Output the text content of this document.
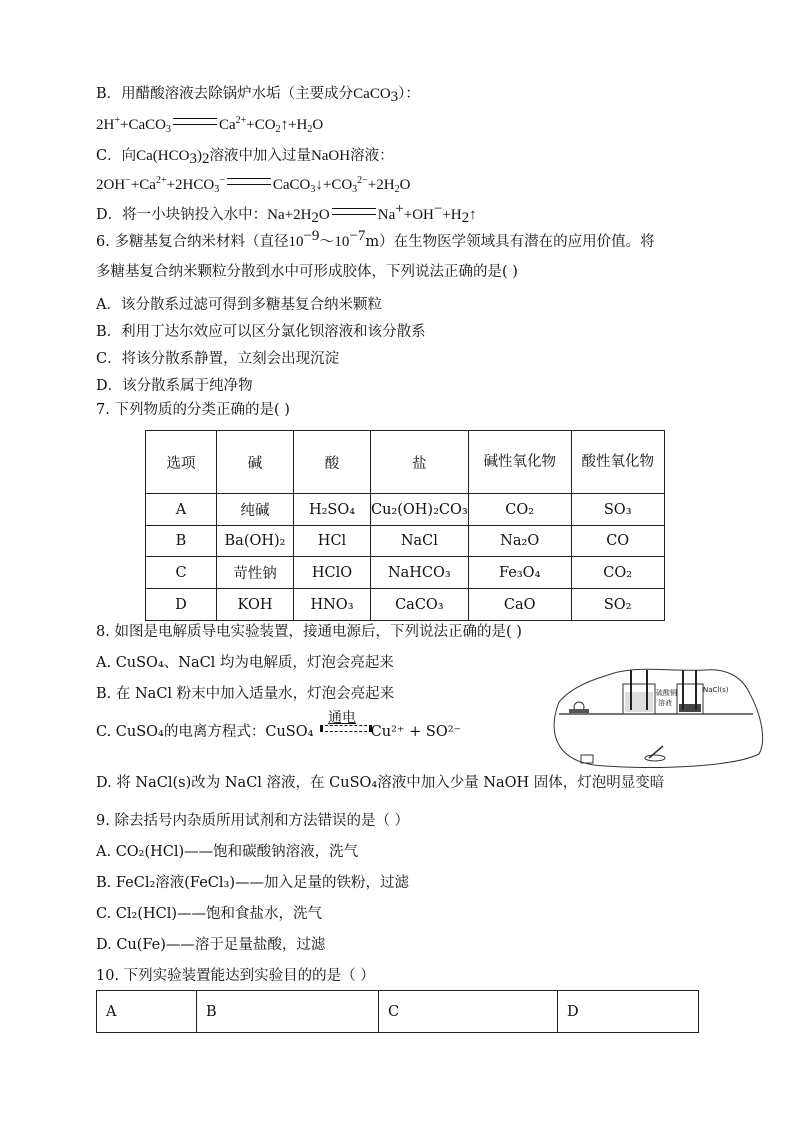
B．用醋酸溶液去除锅炉水垢（主要成分CaCO$_3$）：
2H++CaCO$_3$	$Ca^{2+}+CO_2↑+H_2O$
C．向$Ca(HCO_3)_2$溶液中加入过量NaOH溶液：
$2OH^-+Ca^{2+}+2HCO_3^-$	$CaCO_3↓+CO_3^{2-}+2H_2O$
D．将一小块钠投入水中：$Na+2H_2O$	$Na^++OH^-+H_2↑$
6. 多糖基复合纳米材料（直径$10^{-9}\sim 10^{-7}m$）在生物医学领域具有潜在的应用价值。将
多糖基复合纳米颗粒分散到水中可形成胶体，下列说法正确的是( )
A．该分散系过滤可得到多糖基复合纳米颗粒
B．利用丁达尔效应可以区分氯化钡溶液和该分散系
C．将该分散系静置，立刻会出现沉淀
D．该分散系属于纯净物
7. 下列物质的分类正确的是( )
选项	碱	酸	盐	碱性氧化物	酸性氧化物
A	纯碱	H₂SO₄	Cu₂(OH)₂CO₃	CO₂	SO₃
B	Ba(OH)₂	HCl	NaCl	Na₂O	CO
C	苛性钠	HClO	NaHCO₃	Fe₃O₄	CO₂
D	KOH	HNO₃	CaCO₃	CaO	SO₂
8. 如图是电解质导电实验装置，接通电源后，下列说法正确的是( )
A. CuSO₄、NaCl 均为电解质，灯泡会亮起来
B. 在 NaCl 粉末中加入适量水，灯泡会亮起来
C. CuSO₄的电离方程式：CuSO₄
通电
Cu²⁺ + SO²⁻
硫酸铜
溶液
NaCl(s)
D. 将 NaCl(s)改为 NaCl 溶液，在 CuSO₄溶液中加入少量 NaOH 固体，灯泡明显变暗
9. 除去括号内杂质所用试剂和方法错误的是（ ）
A. CO₂(HCl)——饱和碳酸钠溶液，洗气
B. FeCl₂溶液(FeCl₃)——加入足量的铁粉，过滤
C. Cl₂(HCl)——饱和食盐水，洗气
D. Cu(Fe)——溶于足量盐酸，过滤
10. 下列实验装置能达到实验目的的是（ ）
A	B	C	D
